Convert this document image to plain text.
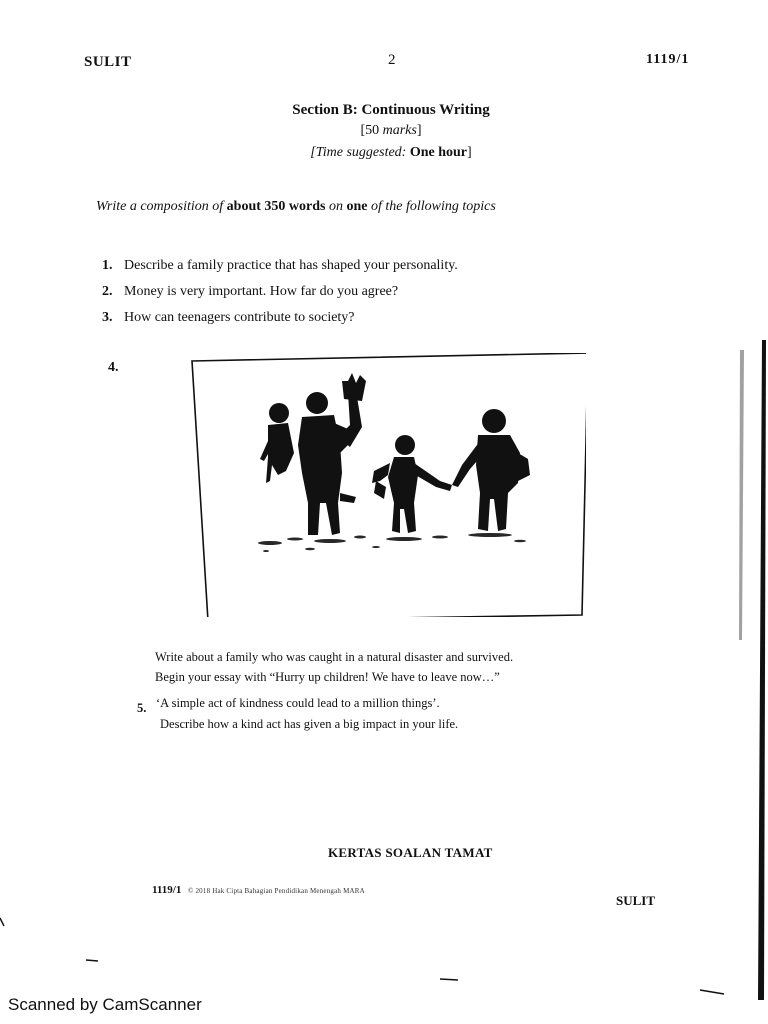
SULIT	2	1119/1
Section B: Continuous Writing
[50 marks]
[Time suggested: One hour]
Write a composition of about 350 words on one of the following topics
1. Describe a family practice that has shaped your personality.
2. Money is very important. How far do you agree?
3. How can teenagers contribute to society?
4.
Write about a family who was caught in a natural disaster and survived.
Begin your essay with “Hurry up children! We have to leave now…”
5. ‘A simple act of kindness could lead to a million things’.
Describe how a kind act has given a big impact in your life.
KERTAS SOALAN TAMAT
1119/1 © 2018 Hak Cipta Bahagian Pendidikan Menengah MARA
SULIT
Scanned by CamScanner
